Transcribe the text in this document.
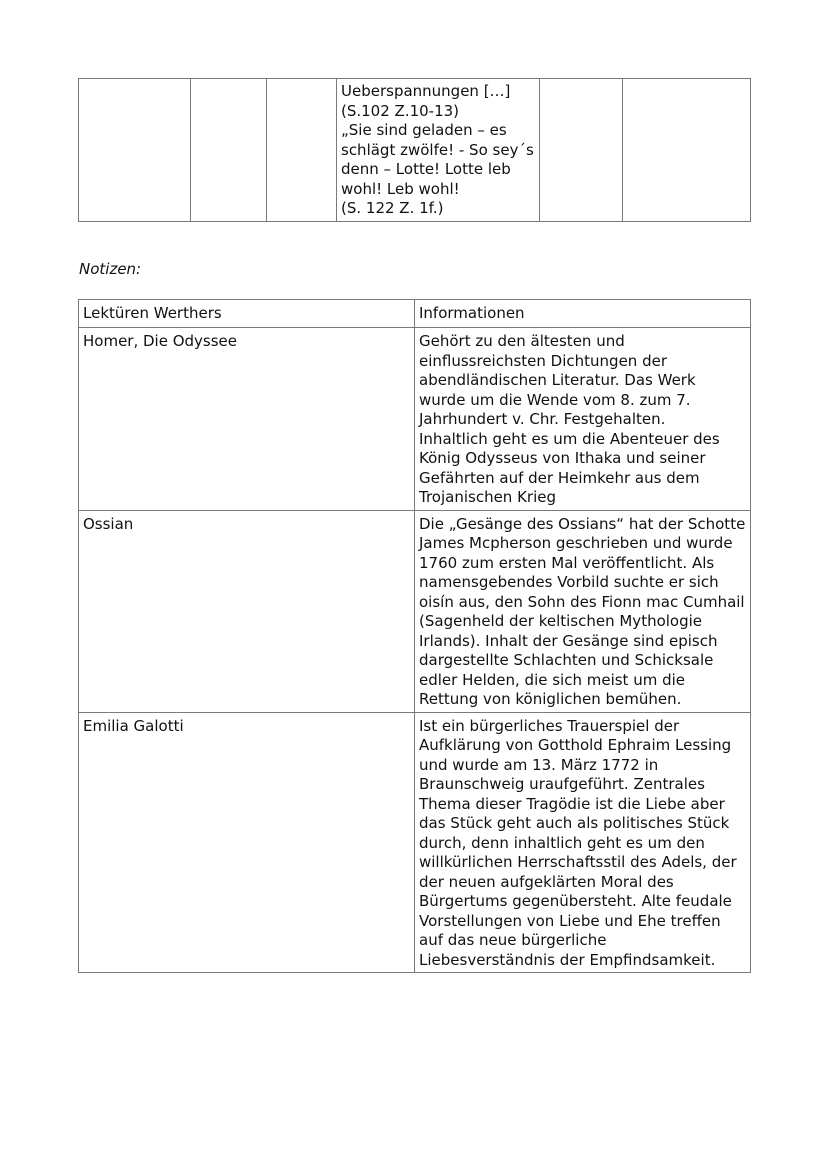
Ueberspannungen […]
(S.102 Z.10-13)
„Sie sind geladen – es schlägt zwölfe! - So sey´s denn – Lotte! Lotte leb wohl! Leb wohl!
(S. 122 Z. 1f.)

Notizen:
Lektüren Werthers	Informationen

Homer, Die Odyssee	Gehört zu den ältesten und einflussreichsten Dichtungen der abendländischen Literatur. Das Werk wurde um die Wende vom 8. zum 7. Jahrhundert v. Chr. Festgehalten.
Inhaltlich geht es um die Abenteuer des König Odysseus von Ithaka und seiner Gefährten auf der Heimkehr aus dem Trojanischen Krieg

Ossian	Die „Gesänge des Ossians“ hat der Schotte James Mcpherson geschrieben und wurde 1760 zum ersten Mal veröffentlicht. Als namensgebendes Vorbild suchte er sich oisín aus, den Sohn des Fionn mac Cumhail (Sagenheld der keltischen Mythologie Irlands). Inhalt der Gesänge sind episch dargestellte Schlachten und Schicksale edler Helden, die sich meist um die Rettung von königlichen bemühen.

Emilia Galotti	Ist ein bürgerliches Trauerspiel der Aufklärung von Gotthold Ephraim Lessing und wurde am 13. März 1772 in Braunschweig uraufgeführt. Zentrales Thema dieser Tragödie ist die Liebe aber das Stück geht auch als politisches Stück durch, denn inhaltlich geht es um den willkürlichen Herrschaftsstil des Adels, der der neuen aufgeklärten Moral des Bürgertums gegenübersteht. Alte feudale Vorstellungen von Liebe und Ehe treffen auf das neue bürgerliche Liebesverständnis der Empfindsamkeit.
